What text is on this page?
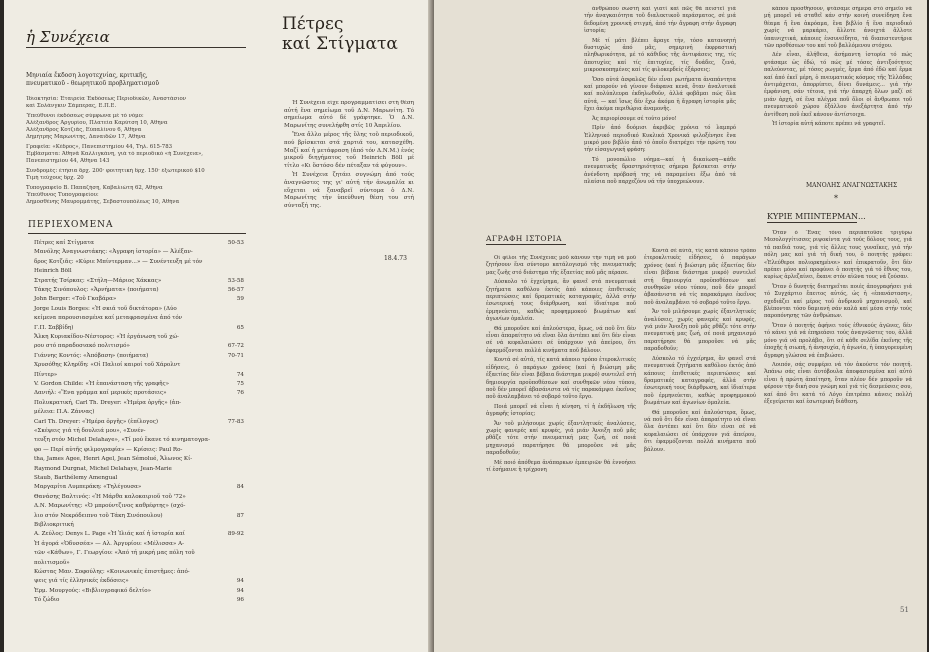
ἡ Συνέχεια
Μηνιαία ἔκδοση λογοτεχνίας, κριτικῆς,
πνευματικοῦ - θεωρητικοῦ προβληματισμοῦ
Ἰδιοκτησία: Ἑταιρεία Ἐκδόσεως Περιοδικῶν, Ἀναστάσιον
καί Σολάνγκιν Σάμπερας, Ε.Π.Ε.
Ὑπεύθυνοι ἐκδόσεως σύμφωνα μέ τό νόμο:
Ἀλέξανδρος Ἀργυρίου, Πλατεία Καρύτση 10, Ἀθήνα
Ἀλέξανδρος Κοτζιᾶς, Εὐπαλίνου 6, Ἀθήνα
Δημήτρης Μαρωνίτης, Δαναιδῶν 17, Ἀθήνα
Γραφεῖα: «Κέδρος», Πανεπιστημίου 44, Τηλ. 615-783
Ἐμβάσματα: Ἀθηνᾶ Καλλιγκάνη, γιά τό περιοδικό «ἡ Συνέχεια»,
Πανεπιστημίου 44, Ἀθήνα 143
Συνδρομές: ἐτήσια δρχ. 200· φοιτητική δρχ. 150· ἐξωτερικοῦ $10
Τιμή τεύχους δρχ. 20
Τυπογραφεῖο Β. Παπαζήση, Καβαλιώτη 62, Ἀθήνα
Ὑπεύθυνος Τυπογραφείου:
Δημοσθένης Μαυρομμάτης, Σεβαστουπόλεως 10, Ἀθήνα
ΠΕΡΙΕΧΟΜΕΝΑ
Πέτρες καί Στίγματα	50-53
Μανόλης Ἀναγνωστάκης: «Ἀγραφη ἱστορία» — Ἀλέξαν-
δρος Κοτζιᾶς: «Κύριε Μπίντερμαν...» — Συνέντευξη μέ τόν
Heinrich Böll
Στρατής Τσίρκας: «Στήλη—Μάριος Χάκκας»	53-58
Τάκης Σινόπουλος: «Ἀρνήματα» (ποιήματα)	56-57
John Berger: «Τοῦ Γκαβάρα»	59
Jorge Louis Borges: «Ἡ σκιά τοῦ δικτάτορα» (Δύο
κείμενα παρουσιασμένα καί μεταφρασμένα ἀπό τόν
Γ.Π. Σαββίδη)	65
Ἄλκη Κυριακίδου-Νέστορος: «Ἡ ἐργάνωση τοῦ χώ-
ρου στό παραδοσιακό πολιτισμό»	67-72
Γιάννης Κοντός: «Ἀπόβαση» (ποιήματα)	70-71
Χρυσόθης Κληρίδη: «Οἱ Παλιοί καιροί τοῦ Χάρολντ
Πίντερ»	74
V. Gordon Childe: «Ἡ ἐπανάσταση τῆς γραφῆς»	75
Δανιήλ: «Ἕνα γράμμα καί μερικές προτάσεις»	76
Πολυκρατική, Carl Th. Dreyer: «Ἡμέρα ὀργῆς» (ἀπ-
μέλεια: Π.Α. Ζάννας)
Carl Th. Dreyer: «Ἡμέρα ὀργῆς» (ἐπίλογος)	77-83
«Σκέψεις γιά τή δουλειά μου», «Συνέν-
τευξη στόν Michel Delahaye», «Τί μού ἔκανε τό κινηματογρα-
φο — Περί αὐτῆς φιλμογραφία» — Κρίσεις: Paul Ro-
tha, James Agee, Henri Agel, Jean Sémolué, Ἄλωνος Κί-
Raymond Durgnat, Michel Delahaye, Jean-Marie
Staub, Barthélemy Amengual
Μαργαρίτα Λυμπεράκη: «Τηλέγουσα»	84
Θανάσης Βαλτινός: «Ἡ Μάρθα καλοκαιριοῦ τοῦ '72»
Δ.Ν. Μαρωνίτης: «Ὁ μπρούντζινος καθρέφτης» (σχό-
λιο στόν Νεκρόδειπνο τοῦ Τάκη Σινόπουλου)	87
Βιβλιοκριτική
Α. Ζεύλος: Denys L. Page «Ἡ Ἰλιάς καί ἡ ἱστορία καί	89-92
Ἡ ἀγορά «Ὁδυσσέα» — Αλ. Ἀργυρίου: «Μέλισσα» Α-
τῶν «Κάθων», Γ. Γεωργίου: «Ἀπό τή μικρή μας πόλη τοῦ
πολιτισμοῦ»
Κώστας Μαν. Σοφούλης: «Κοινωνικές ἐπιστῆμες: ἀπό-
ψεις γιά τίς ἑλληνικές ἐκδόσεις»	94
Ἑρμ. Μουργούς: «Βιβλιογραφικό δελτίο»	94
Τό ζώδιο	96
Πέτρες
καί Στίγματα

Ἡ Συνέχεια εἶχε προγραμματίσει στή θέση αὐτή ἕνα σημείωμα τοῦ Δ.Ν. Μαρωνίτη. Τό σημείωμα αὐτό δέ γράφτηκε. Ὁ Δ.Ν. Μαρωνίτης συνελήφθη στίς 10 Ἀπριλίου.

Ἕνα ἄλλο μέρος τῆς ὕλης τοῦ περιοδικοῦ, πού βρίσκεται στά χαρτιά του, κατασχέθη. Μαζί καί ἡ μετάφραση (ἀπό τόν Δ.Ν.Μ.) ἑνός μικροῦ διηγήματος τοῦ Heinrich Böll μέ τίτλο «Κι ὅστόσο δέν πέταξαν τά φύγουν».

Ἡ Συνέχεια ζητάει συγνώμη ἀπό τούς ἀναγνῶστες της γι' αὐτή τήν ἀνωμαλία κι εὔχεται νά ξαναβρεῖ σύντομα ὁ Δ.Ν. Μαρωνίτης τήν ὑπεύθυνη θέση του στή σύνταξή της.

18.4.73

ἀνθρώπου σωστή καί γιατί καί πῶς θά πειστεῖ γιά τήν ἀναγκαιότητα τοῦ διαλεκτικοῦ περάσματος, σέ μιά δεδομένη χρονική στιγμή, ἀπό τήν ἄγραφη στήν ἄγραφη ἱστορία;

Μέ τί μάτι βλέπει ἄραγε τήν, τόσο κατανοητή δυστυχώς ἀπό μᾶς, σημερινή ἐκφραστική πληθωρικότητα, μέ τό κάθιδος τῆς ἀντιφάσεις της, τίς ἀποτυχίες καί τίς ἐπιτυχίες, τίς δυάδες, ζενά, μικροσκοπημένες καί τίς φιλοκερδείς ἐξάρσεις;

Ὅσο αὐτά ἀσφαλῶς δέν εἶναι ρωτήματα ἀναπάντητα καί μπορούν νά γίνουν διάφανα κενά, ὅταν ἀναλυτικά καί πολύπλευρα ἐκδηλωθοῦν, ἀλλά φοβᾶμαι πώς ὅλα αὐτά, — καί ἴσως δέν ἔχω ἀκόμα ἡ ἄγραφη ἱστορία μᾶς ἔχει ἀκόμα περιθώρια ἀναμονῆς.

Ἀς περιορίσουμε σέ τούτο μόνο!

Πρίν ἀπό δυόμισι ἀκριβῶς χρόνια τό λαμπρό Ἑλληνικό περιοδικό Κυκλικά Χρονικά φιλοξένησε ἕνα μικρό μου βιβλίο ἀπό τό ὁποῖο διατρέχει τήν πρώτη του τήν εἰσαγωγική φράση:

Τό μονοπώλιο νόημα—καί ἡ δικαίωση—κάθε πνευματικῆς δραστηριότητας σήμερα βρίσκεται στήν ἀνένδοτη πρόβασή της νά παραμείνει ἔξω ἀπό τά πλαίσια ποῦ παρχεζόνυ νά τήν ὑποχρεώνουν.

ΑΓΡΑΦΗ ΙΣΤΟΡΙΑ

Οἱ φίλοι τῆς Συνέχειας μοῦ κάνουν τήν τιμή νά μοῦ ζητήσουν ἕνα σύντομο κατάλογισμό τῆς πνευματικῆς μας ζωῆς στό διάστημα τῆς ἐξαετίας ποῦ μᾶς πέρασε.

Δύσκολο τό ἐγχείρημα, ἄν φανεῖ στά πνευματικά ζητήματα καθόλου ἐκτός ἀπό κάποιες ἐπιθετικές περιπτώσεις καί δραματικές καταγραφές, ἀλλά στήν ἐσωτερική τους διάρθρωση, καί ἰδιαίτερα ποῦ ἐρμηνεύεται, καθώς προφημμοκού βιωμάτων καί ἀγωνίων ὁμαλεία.

Θά μποροῦσε καί ἀπλούστερα, ὅμως, νά ποῦ ὅτι δέν εἶναι ἀπαραίτητο νά εἴναι ὅλα ἀντέπει καί ὅτι δέν εἶναι σέ νά κεφαλαιώσει σέ ὑπάρχουν γιά ἀπείρου, ὅτι ἐφαρμόζονται πολλά κινήματα ποῦ βάλουν.

Κοντά σέ αὐτά, τίς κατά κάποιο τρόπο ἐτεροκλιτικές εἰδήσεις, ὁ παράγων χρόνος (καί ἡ βιώσιμη μᾶς ἐξαετίας δέν εἶναι βέβαια διάστημα μικρό) συντελεῖ στή δημιουργία προϋποθέσεων καί συνθηκῶν νέου τύπου, ποῦ δέν μπορεῖ ἀβασάνιστα νά τίς παρακάμψει ἐκεῖνος ποῦ ἀναλαμβάνει τό σοβαρό τοῦτο ἔργο.

Ποιά μπορεῖ νά εἶναι ἡ κίνηση, τί ἡ ἐκδήλωση τῆς ἀγραφῆς ἱστορίας;

Ἄν τοῦ μιλήσουμε χωρίς ἐξαντλητικές ἀναλύσεις, χωρίς φανερές καί κρυφές, γιά μιάν Ἀνοιξη ποῦ μᾶς ρθᾶζε τότε στήν πνευματική μας ζωή, σέ ποιά μηχανισμό παρατήρησε θά μποροῦσε νά μᾶς παραδοθοῦν;

Μέ ποιό ἀπόθεμα ἀνάπαρκων ἐμπειριῶν θά ἐννοήσει τί ἐσήμαινε ἡ τρίχρονη

Κοντά σέ αὐτά, τίς κατά κάποιο τρόπο ἐτεροκλιτικές εἰδήσεις, ὁ παράγων χρόνος (καί ἡ βιώσιμη μᾶς ἐξαετίας δέν εἶναι βέβαια διάστημα μικρό) συντελεῖ στή δημιουργία προϋποθέσεων καί συνθηκῶν νέου τύπου, ποῦ δέν μπορεῖ ἀβασάνιστα νά τίς παρακάμψει ἐκεῖνος ποῦ ἀναλαμβάνει τό σοβαρό τοῦτο ἔργο.

Ἄν τοῦ μιλήσουμε χωρίς ἐξαντλητικές ἀναλύσεις, χωρίς φανερές καί κρυφές, γιά μιάν Ἀνοιξη ποῦ μᾶς ρθᾶζε τότε στήν πνευματική μας ζωή, σέ ποιά μηχανισμό παρατήρησε θά μποροῦσε νά μᾶς παραδοθοῦν;

Δύσκολο τό ἐγχείρημα, ἄν φανεῖ στά πνευματικά ζητήματα καθόλου ἐκτός ἀπό κάποιες ἐπιθετικές περιπτώσεις καί δραματικές καταγραφές, ἀλλά στήν ἐσωτερική τους διάρθρωση, καί ἰδιαίτερα ποῦ ἐρμηνεύεται, καθώς προφημμοκού βιωμάτων καί ἀγωνίων ὁμαλεία.

Θά μποροῦσε καί ἀπλούστερα, ὅμως, νά ποῦ ὅτι δέν εἶναι ἀπαραίτητο νά εἴναι ὅλα ἀντέπει καί ὅτι δέν εἶναι σέ νά κεφαλαιώσει σέ ὑπάρχουν γιά ἀπείρου, ὅτι ἐφαρμόζονται πολλά κινήματα ποῦ βάλουν.

κάπου προσθήσουν, φτάσαμε σήμερα στό σημεῖο νά μή μπορεῖ νά σταθεῖ κάν στήν κοινή συνείδηση ἕνα θέαμα ἤ ἕνα ἀκρόαμα, ἕνα βιβλίο ἤ ἕνα περιοδικό χωρίς νά μαρκάρει, ἄλλοτε ἀνοιχτά ἄλλοτε ὑπαινιχτικά, κάποιες ἐνσυνείδητα, τά διαπιστευτήρια τῶν προθέσεων του καί τοῦ βαλλόμενου στόχου.

Δέν εἶναι, ἀλήθεια, ἀσήμαντη ἱστορία τό πώς φτάσαμε ὡς ἐδώ, τό πώς μέ τόσες ἀντιξοότητες παλεύοντας, μέ τόσες ρωγμές, ἔρμα ἀπό ἐδῶ καί ἔρμα καί ἀπό ἐκεῖ μέρη, ὁ πνευματικός κόσμος τῆς Ἑλλάδας ἀντιμάχεται, ἀπορρίπτει, δίνει δυνάμεις... γιά τήν ἐμφάνιση, σάν τέτοια, γιά τήν ἀπαρχή ὅλων μαζί σέ μιάν ἀρχή, σέ ἕνα πλέγμα ποῦ ὅλοι οἱ ἄνθρωποι τοῦ πνευματικοῦ χώρου ἐξάλλου ἀνεξάρτητα ἀπό τήν ἀντίθεση ποῦ ἐκεῖ κάνουν ἀντίστοιχα.

Ἡ ἱστορία αὐτή κάποτε πρέπει νά γραφτεῖ.

ΜΑΝΟΛΗΣ ΑΝΑΓΝΩΣΤΑΚΗΣ
*
ΚΥΡΙΕ ΜΠΙΝΤΕΡΜΑΝ...

Ὅταν ὁ Ἕνας τόνο περιπατοῦσε τριγύρω Μεσολογγίτισσες ριψοκίντα γιά τούς δόλους τους, γιά τά παιδιά τους, γιά τίς ἄλλες τους γυναῖκες, γιά τήν πόλη μας καί γιά τή δική του, ὁ ποιητής γράφει: «Ἐλεύθεροι πολιορκημένοι» καί ἐπικρατοῦν, ὅτι δέν πρέπει μόνο καί προφύνει ὁ ποιητής γιά τό ἔθνος του, κυρίως ἀρλεζαίνει, ἔκανε στόν αἰῶνα τους νά ζούσαν.

Ὅταν ὁ δυνητής διατηρεῖται ποιές ἀπογραφήσει γιά τό Συγχάρτιο ἔπειτος αὐτός, ὡς ἡ «ἐπανάσταση», σχεδιάζει καί μέρος τοῦ ἀνδρικοῦ μηχανισμοῦ, καί βλέπονται τόσο δαμιανή σάν καλά καί μέσα στήν τούς παροπόνησης τῶν ἀνθρώπων.

Ὅταν ὁ ποιητής ἀφήνει τούς ἐθνικούς ἀγῶνες, δέν τό κάνει γιά νά ἐπηρεάσει τούς ἀναγνῶστες του, ἀλλά μόνο γιά νά προλάβει, ὅτι σέ κάθε σελίδα ἐκεῖνης τῆς ἐποχῆς ἡ σιωπή, ἡ ἀνησυχία, ἡ ἀγωνία, ἡ ὑπαγορευμένη ἄγραφη γλώσσα νά ἐπιβιώσει.

Λοιπόν, σάς συμφέρει νά τόν ἀκούστε τόν ποιητή. Ἀπάνω σάς εἶναι ἀυτόβουλα ἀποφασισμένα καί αὐτό εἶναι ἡ πρώτη ἀπαίτηση, ὅταν πλέον δέν μποροῦν νά φέρουν τήν δική σου γνώμη καί γιά τίς δεσμεύσεις σου, καί ἀπό ὅτι κατά τό Λόγο ἐπιτρέπει κάνεις πολλή ἐξεγείρεται καί ἐσωτερική διάθεση.

51
